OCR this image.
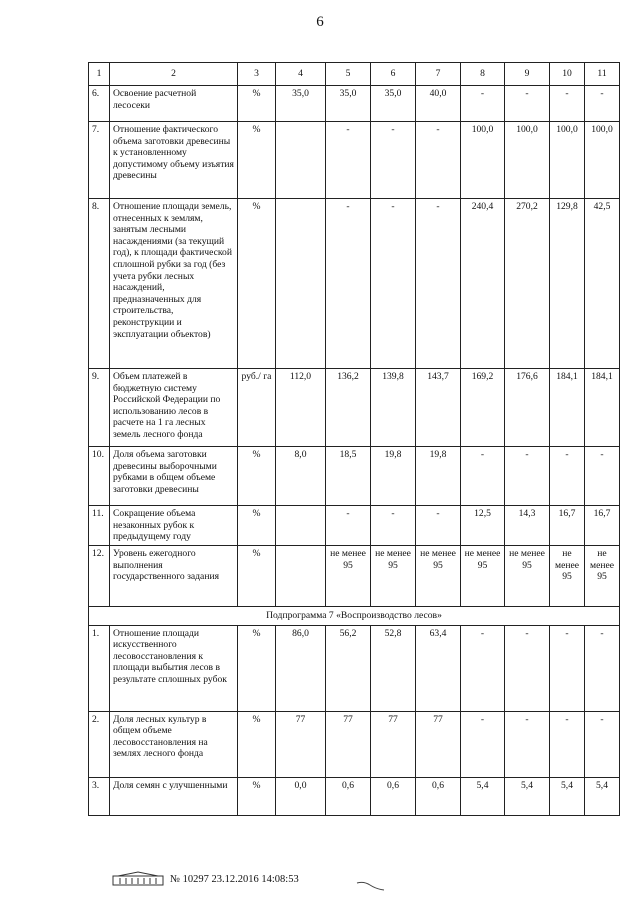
6
1	2	3	4	5	6	7	8	9	10	11
6.	Освоение расчетной лесосеки	%	35,0	35,0	35,0	40,0	-	-	-	-
7.	Отношение фактического объема заготовки древесины к установленному допустимому объему изъятия древесины	%		-	-	-	100,0	100,0	100,0	100,0
8.	Отношение площади земель, отнесенных к землям, занятым лесными насаждениями (за текущий год), к площади фактической сплошной рубки за год (без учета рубки лесных насаждений, предназначенных для строительства, реконструкции и эксплуатации объектов)	%		-	-	-	240,4	270,2	129,8	42,5
9.	Объем платежей в бюджетную систему Российской Федерации по использованию лесов в расчете на 1 га лесных земель лесного фонда	руб./ га	112,0	136,2	139,8	143,7	169,2	176,6	184,1	184,1
10.	Доля объема заготовки древесины выборочными рубками в общем объеме заготовки древесины	%	8,0	18,5	19,8	19,8	-	-	-	-
11.	Сокращение объема незаконных рубок к предыдущему году	%		-	-	-	12,5	14,3	16,7	16,7
12.	Уровень ежегодного выполнения государственного задания	%		не менее 95	не менее 95	не менее 95	не менее 95	не менее 95	не менее 95	не менее 95
Подпрограмма 7 «Воспроизводство лесов»										
1.	Отношение площади искусственного лесовосстановления к площади выбытия лесов в результате сплошных рубок	%	86,0	56,2	52,8	63,4	-	-	-	-
2.	Доля лесных культур в общем объеме лесовосстановления на землях лесного фонда	%	77	77	77	77	-	-	-	-
3.	Доля семян с улучшенными	%	0,0	0,6	0,6	0,6	5,4	5,4	5,4	5,4
№ 10297 23.12.2016 14:08:53
